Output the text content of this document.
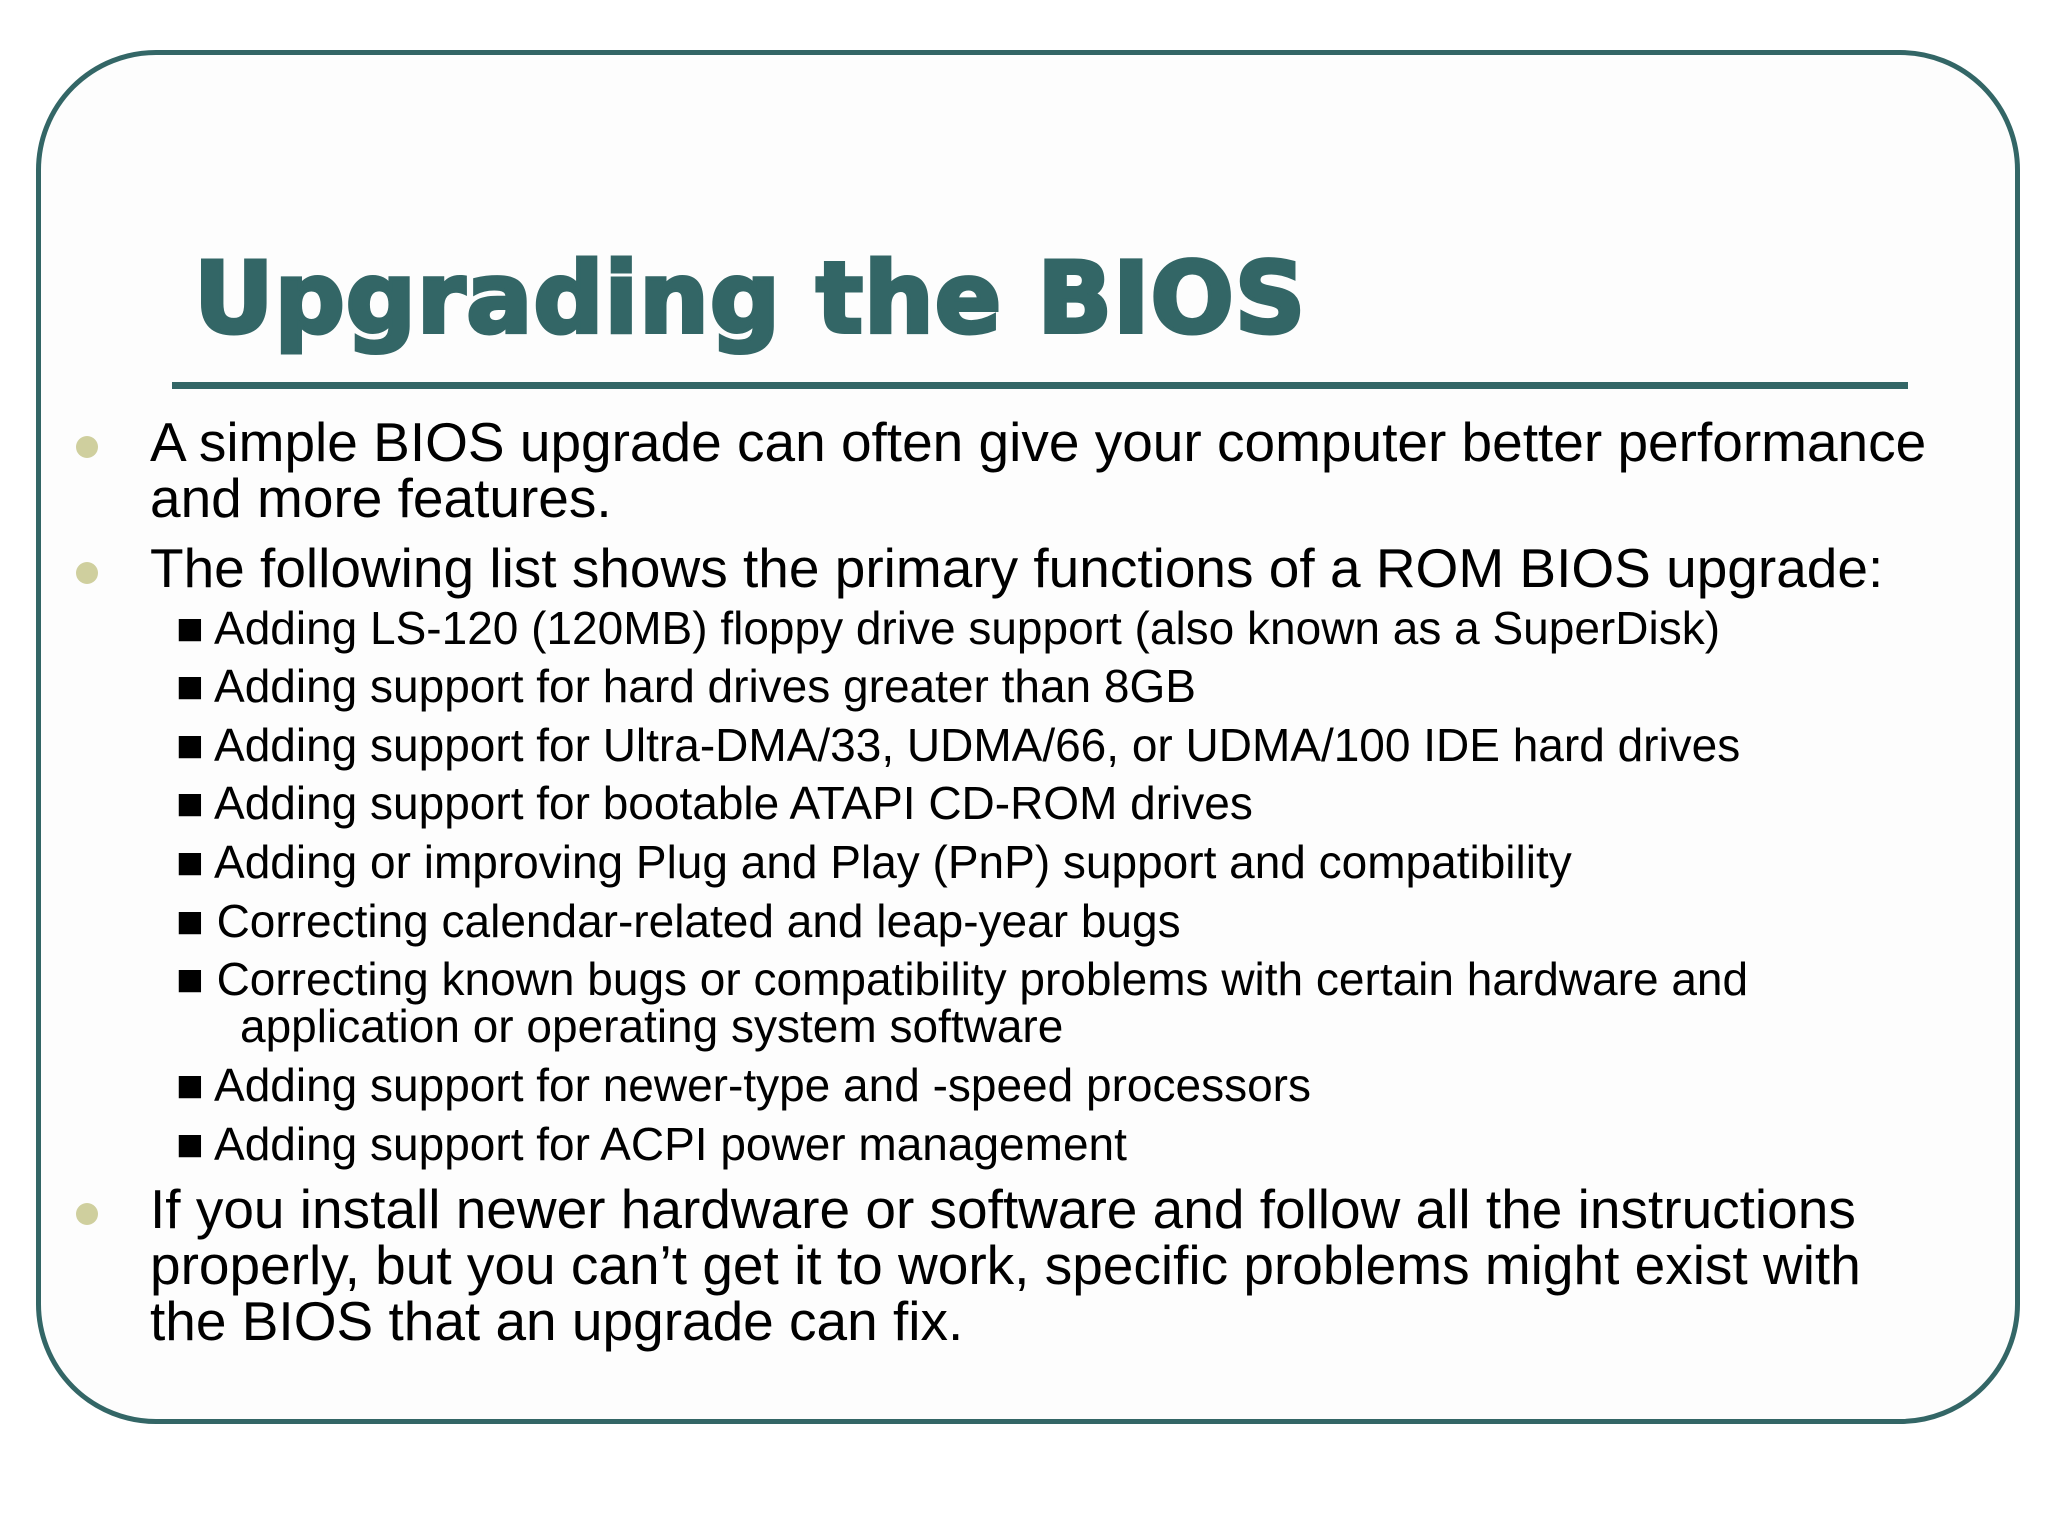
Upgrading the BIOS
A simple BIOS upgrade can often give your computer better performance
and more features.
The following list shows the primary functions of a ROM BIOS upgrade:
■ Adding LS-120 (120MB) floppy drive support (also known as a SuperDisk)
■ Adding support for hard drives greater than 8GB
■ Adding support for Ultra-DMA/33, UDMA/66, or UDMA/100 IDE hard drives
■ Adding support for bootable ATAPI CD-ROM drives
■ Adding or improving Plug and Play (PnP) support and compatibility
■ Correcting calendar-related and leap-year bugs
■ Correcting known bugs or compatibility problems with certain hardware and
application or operating system software
■ Adding support for newer-type and -speed processors
■ Adding support for ACPI power management
If you install newer hardware or software and follow all the instructions
properly, but you can’t get it to work, specific problems might exist with
the BIOS that an upgrade can fix.
